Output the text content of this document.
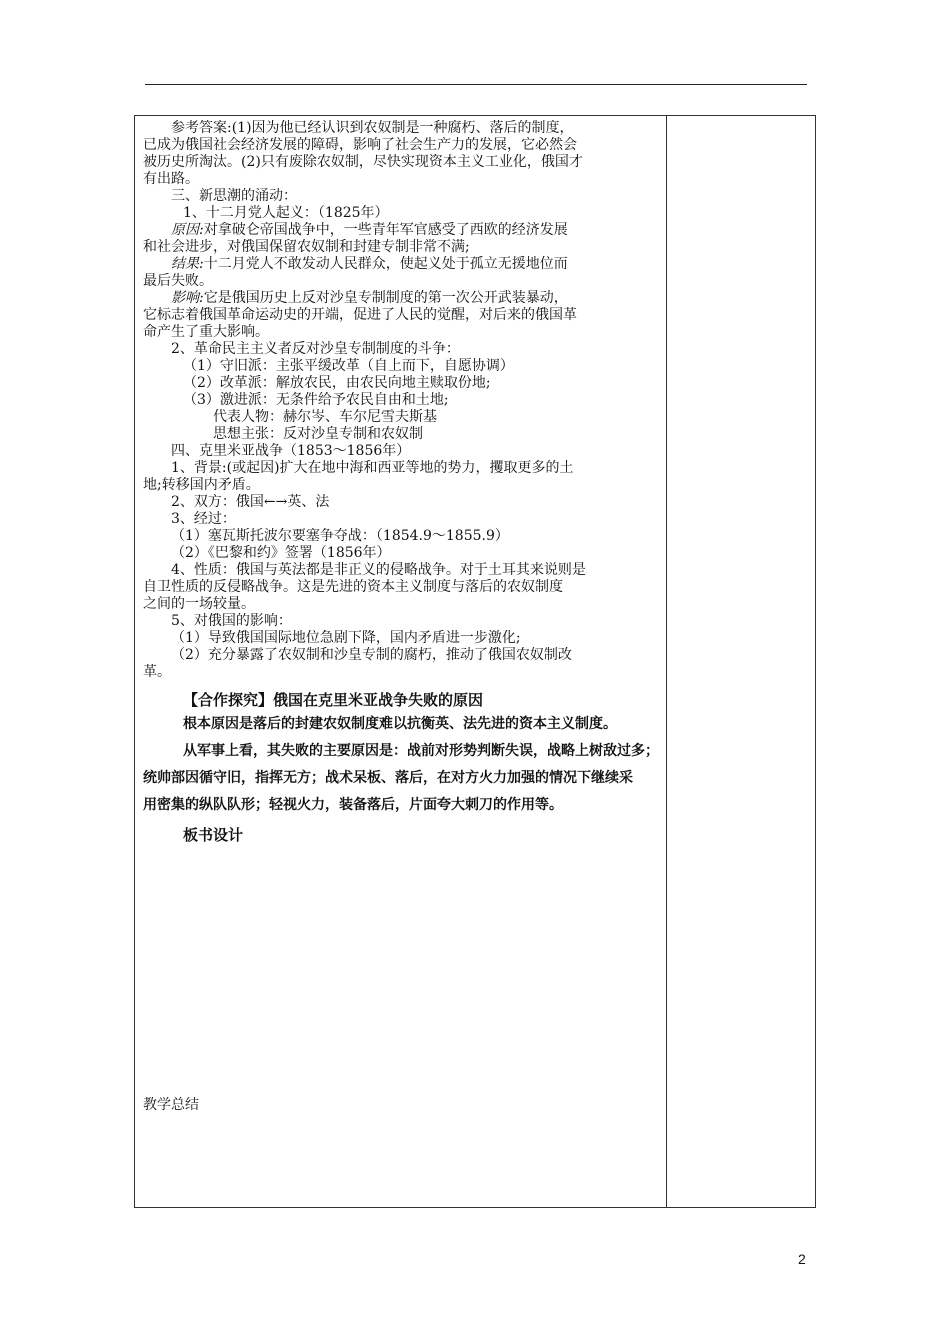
参考答案:(1)因为他已经认识到农奴制是一种腐朽、落后的制度，
已成为俄国社会经济发展的障碍，影响了社会生产力的发展，它必然会
被历史所淘汰。(2)只有废除农奴制，尽快实现资本主义工业化，俄国才
有出路。
三、新思潮的涌动：
1、十二月党人起义：（1825年）
原因:对拿破仑帝国战争中，一些青年军官感受了西欧的经济发展
和社会进步，对俄国保留农奴制和封建专制非常不满;
结果:十二月党人不敢发动人民群众，使起义处于孤立无援地位而
最后失败。
影响:它是俄国历史上反对沙皇专制制度的第一次公开武装暴动，
它标志着俄国革命运动史的开端，促进了人民的觉醒，对后来的俄国革
命产生了重大影响。
2、革命民主主义者反对沙皇专制制度的斗争：
（1）守旧派：主张平缓改革（自上而下，自愿协调）
（2）改革派：解放农民，由农民向地主赎取份地;
（3）激进派：无条件给予农民自由和土地;
代表人物：赫尔岑、车尔尼雪夫斯基
思想主张：反对沙皇专制和农奴制
四、克里米亚战争（1853～1856年）
1、背景:(或起因)扩大在地中海和西亚等地的势力，攫取更多的土
地;转移国内矛盾。
2、双方：俄国←→英、法
3、经过：
（1）塞瓦斯托波尔要塞争夺战：（1854.9～1855.9）
（2）《巴黎和约》签署（1856年）
4、性质：俄国与英法都是非正义的侵略战争。对于土耳其来说则是
自卫性质的反侵略战争。这是先进的资本主义制度与落后的农奴制度
之间的一场较量。
5、对俄国的影响：
（1）导致俄国国际地位急剧下降，国内矛盾进一步激化;
（2）充分暴露了农奴制和沙皇专制的腐朽，推动了俄国农奴制改
革。
【合作探究】俄国在克里米亚战争失败的原因
根本原因是落后的封建农奴制度难以抗衡英、法先进的资本主义制度。
从军事上看，其失败的主要原因是：战前对形势判断失误，战略上树敌过多；
统帅部因循守旧，指挥无方；战术呆板、落后，在对方火力加强的情况下继续采
用密集的纵队队形；轻视火力，装备落后，片面夸大刺刀的作用等。
板书设计
教学总结
2
